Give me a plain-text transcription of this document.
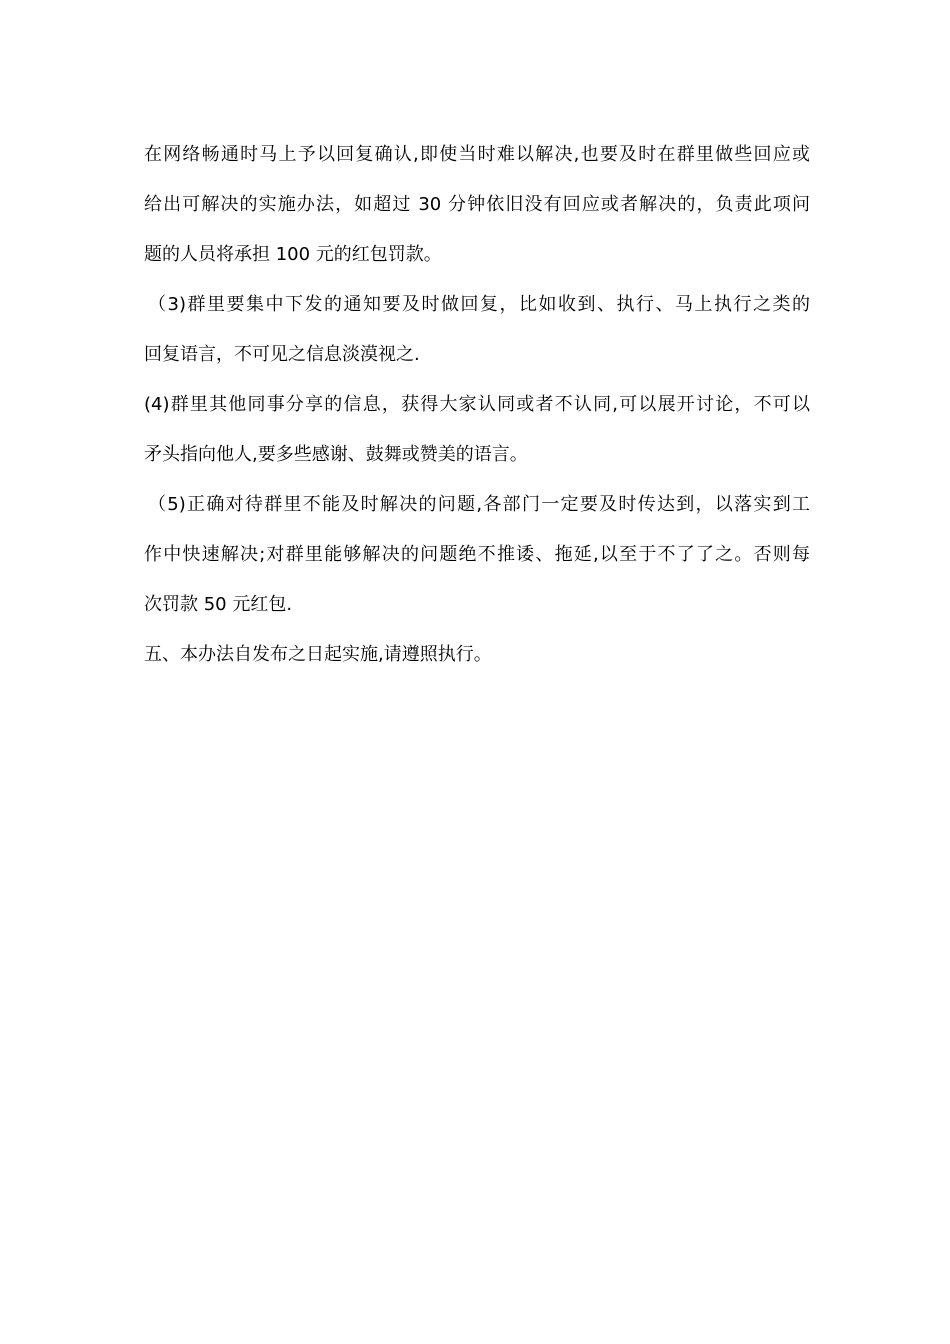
在网络畅通时马上予以回复确认,即使当时难以解决,也要及时在群里做些回应或
给出可解决的实施办法，如超过 30 分钟依旧没有回应或者解决的，负责此项问
题的人员将承担 100 元的红包罚款。
（3)群里要集中下发的通知要及时做回复，比如收到、执行、马上执行之类的
回复语言，不可见之信息淡漠视之.
(4)群里其他同事分享的信息，获得大家认同或者不认同,可以展开讨论，不可以
矛头指向他人,要多些感谢、鼓舞或赞美的语言。
（5)正确对待群里不能及时解决的问题,各部门一定要及时传达到，以落实到工
作中快速解决;对群里能够解决的问题绝不推诿、拖延,以至于不了了之。否则每
次罚款 50 元红包.
五、本办法自发布之日起实施,请遵照执行。
